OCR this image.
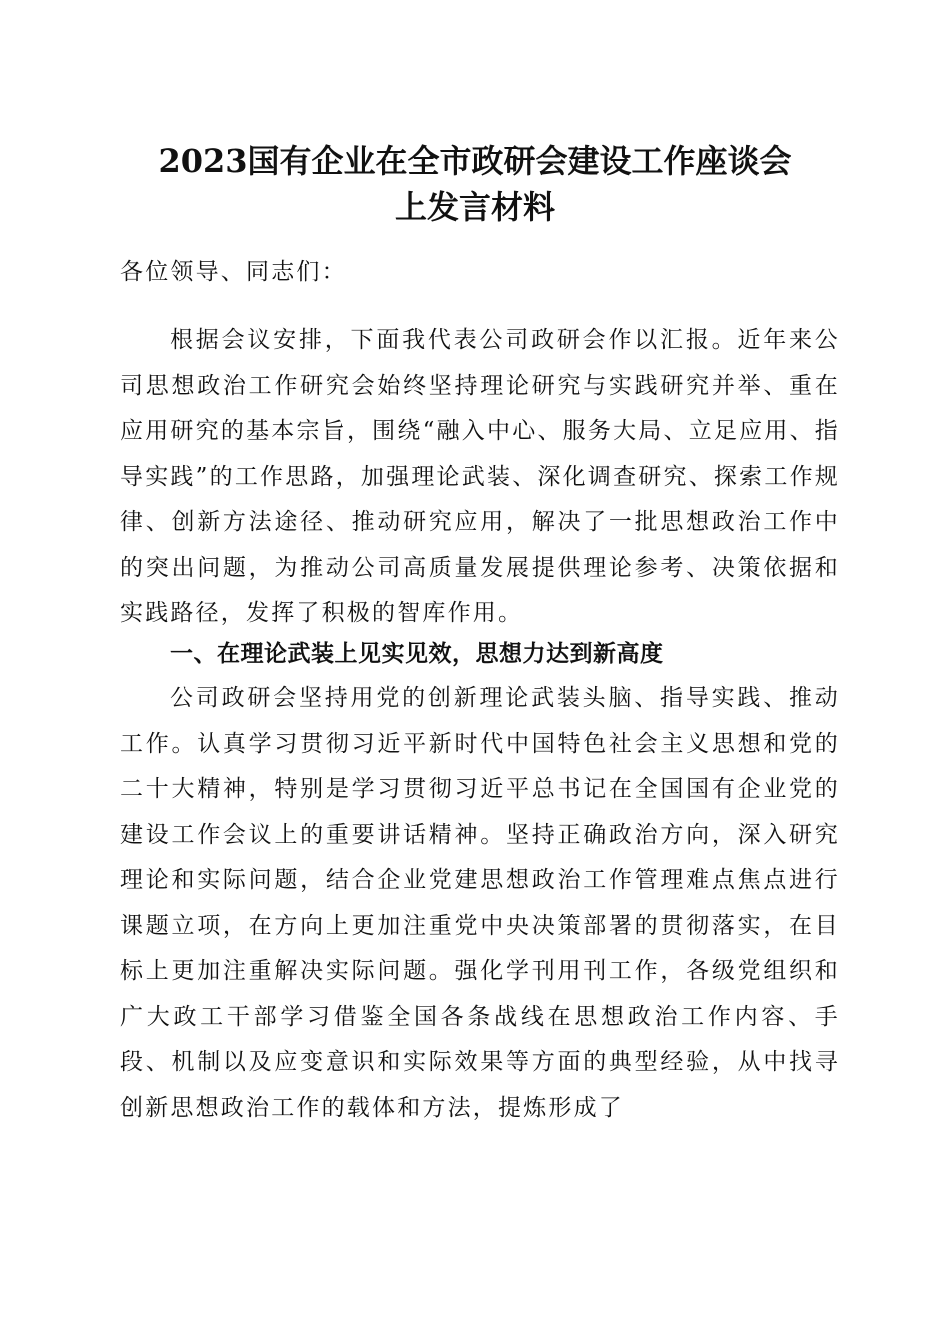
2023国有企业在全市政研会建设工作座谈会
上发言材料
各位领导、同志们：
根据会议安排，下面我代表公司政研会作以汇报。近年来公司思想政治工作研究会始终坚持理论研究与实践研究并举、重在应用研究的基本宗旨，围绕“融入中心、服务大局、立足应用、指导实践”的工作思路，加强理论武装、深化调查研究、探索工作规律、创新方法途径、推动研究应用，解决了一批思想政治工作中的突出问题，为推动公司高质量发展提供理论参考、决策依据和实践路径，发挥了积极的智库作用。
一、在理论武装上见实见效，思想力达到新高度
公司政研会坚持用党的创新理论武装头脑、指导实践、推动工作。认真学习贯彻习近平新时代中国特色社会主义思想和党的二十大精神，特别是学习贯彻习近平总书记在全国国有企业党的建设工作会议上的重要讲话精神。坚持正确政治方向，深入研究理论和实际问题，结合企业党建思想政治工作管理难点焦点进行课题立项，在方向上更加注重党中央决策部署的贯彻落实，在目标上更加注重解决实际问题。强化学刊用刊工作，各级党组织和广大政工干部学习借鉴全国各条战线在思想政治工作内容、手段、机制以及应变意识和实际效果等方面的典型经验，从中找寻创新思想政治工作的载体和方法，提炼形成了
